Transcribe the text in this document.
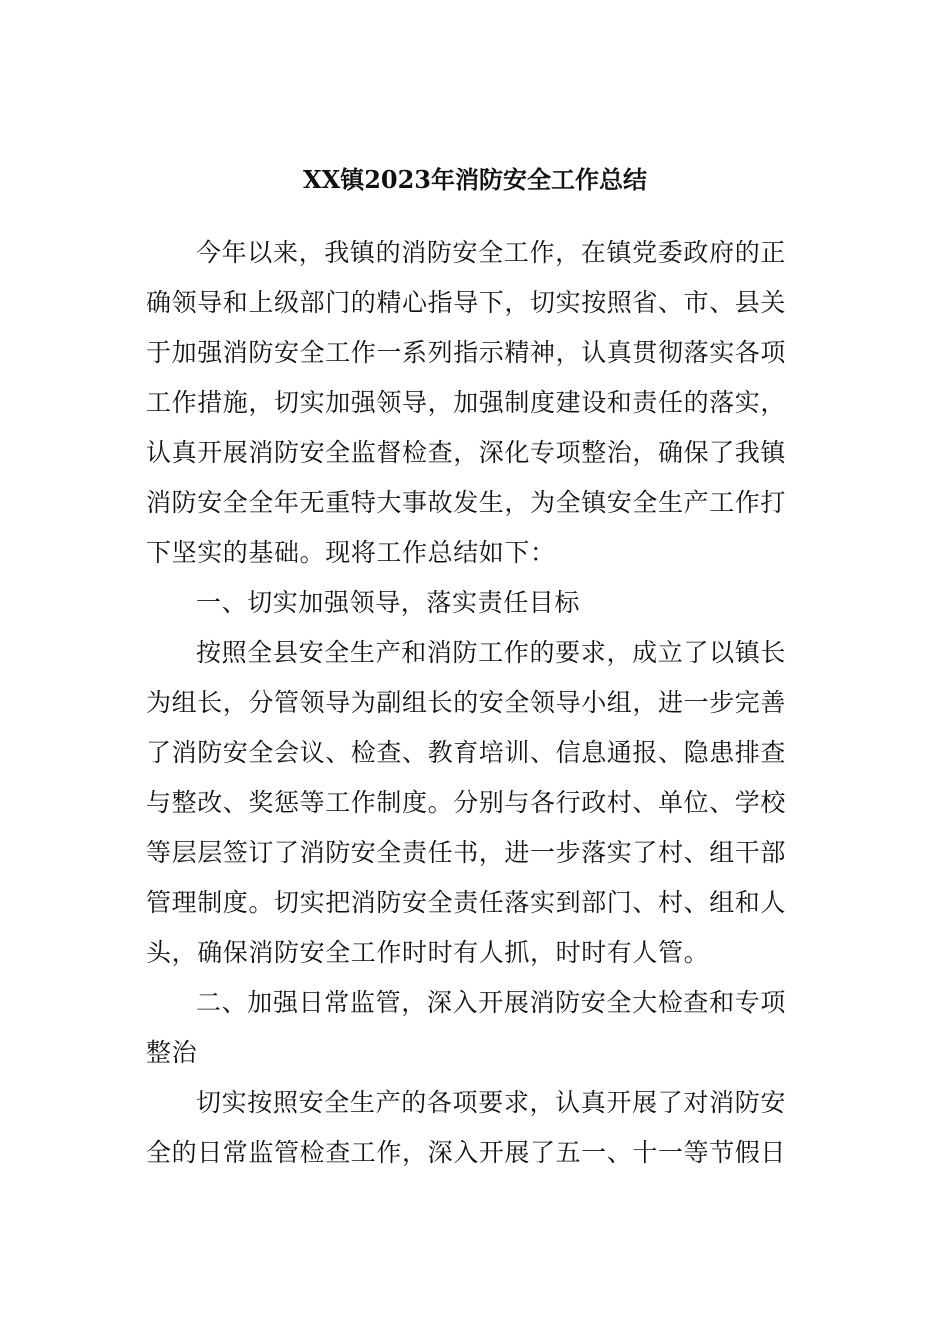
XX镇2023年消防安全工作总结

今年以来，我镇的消防安全工作，在镇党委政府的正确领导和上级部门的精心指导下，切实按照省、市、县关于加强消防安全工作一系列指示精神，认真贯彻落实各项工作措施，切实加强领导，加强制度建设和责任的落实，认真开展消防安全监督检查，深化专项整治，确保了我镇消防安全全年无重特大事故发生，为全镇安全生产工作打下坚实的基础。现将工作总结如下：

一、切实加强领导，落实责任目标

按照全县安全生产和消防工作的要求，成立了以镇长为组长，分管领导为副组长的安全领导小组，进一步完善了消防安全会议、检查、教育培训、信息通报、隐患排查与整改、奖惩等工作制度。分别与各行政村、单位、学校等层层签订了消防安全责任书，进一步落实了村、组干部管理制度。切实把消防安全责任落实到部门、村、组和人头，确保消防安全工作时时有人抓，时时有人管。

二、加强日常监管，深入开展消防安全大检查和专项整治

切实按照安全生产的各项要求，认真开展了对消防安全的日常监管检查工作，深入开展了五一、十一等节假日
